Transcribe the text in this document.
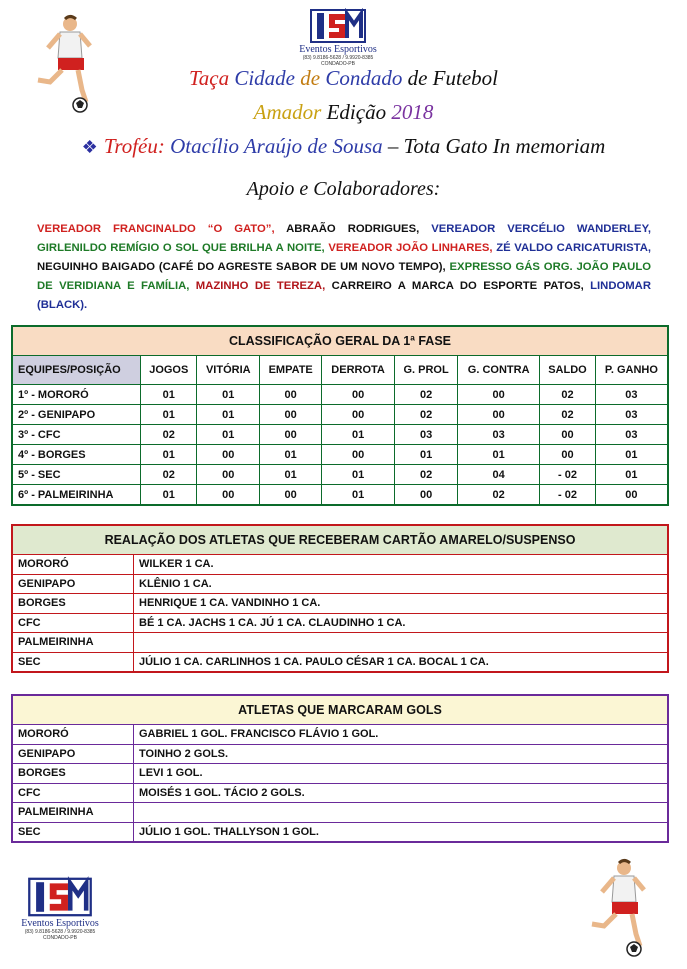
Eventos Esportivos
(83) 9.8186-5628 / 9.9920-8385
CONDADO-PB
Taça Cidade de Condado de Futebol
Amador Edição 2018
❖ Troféu: Otacílio Araújo de Sousa – Tota Gato In memoriam
Apoio e Colaboradores:
VEREADOR FRANCINALDO “O GATO”, ABRAÃO RODRIGUES, VEREADOR VERCÉLIO WANDERLEY, GIRLENILDO REMÍGIO O SOL QUE BRILHA A NOITE, VEREADOR JOÃO LINHARES, ZÉ VALDO CARICATURISTA, NEGUINHO BAIGADO (CAFÉ DO AGRESTE SABOR DE UM NOVO TEMPO), EXPRESSO GÁS ORG. JOÃO PAULO DE VERIDIANA E FAMÍLIA, MAZINHO DE TEREZA, CARREIRO A MARCA DO ESPORTE PATOS, LINDOMAR (BLACK).
CLASSIFICAÇÃO GERAL DA 1ª FASE								
EQUIPES/POSIÇÃO	JOGOS	VITÓRIA	EMPATE	DERROTA	G. PROL	G. CONTRA	SALDO	P. GANHO
1º - MORORÓ	01	01	00	00	02	00	02	03
2º - GENIPAPO	01	01	00	00	02	00	02	03
3º - CFC	02	01	00	01	03	03	00	03
4º - BORGES	01	00	01	00	01	01	00	01
5º - SEC	02	00	01	01	02	04	- 02	01
6º - PALMEIRINHA	01	00	00	01	00	02	- 02	00
REALAÇÃO DOS ATLETAS QUE RECEBERAM CARTÃO AMARELO/SUSPENSO	
MORORÓ	WILKER 1 CA.
GENIPAPO	KLÊNIO 1 CA.
BORGES	HENRIQUE 1 CA. VANDINHO 1 CA.
CFC	BÉ 1 CA. JACHS 1 CA. JÚ 1 CA. CLAUDINHO 1 CA.
PALMEIRINHA	
SEC	JÚLIO 1 CA. CARLINHOS 1 CA. PAULO CÉSAR 1 CA. BOCAL 1 CA.
ATLETAS QUE MARCARAM GOLS	
MORORÓ	GABRIEL 1 GOL. FRANCISCO FLÁVIO 1 GOL.
GENIPAPO	TOINHO 2 GOLS.
BORGES	LEVI 1 GOL.
CFC	MOISÉS 1 GOL. TÁCIO 2 GOLS.
PALMEIRINHA	
SEC	JÚLIO 1 GOL. THALLYSON 1 GOL.
Eventos Esportivos
(83) 9.8186-5628 / 9.9920-8385
CONDADO-PB
